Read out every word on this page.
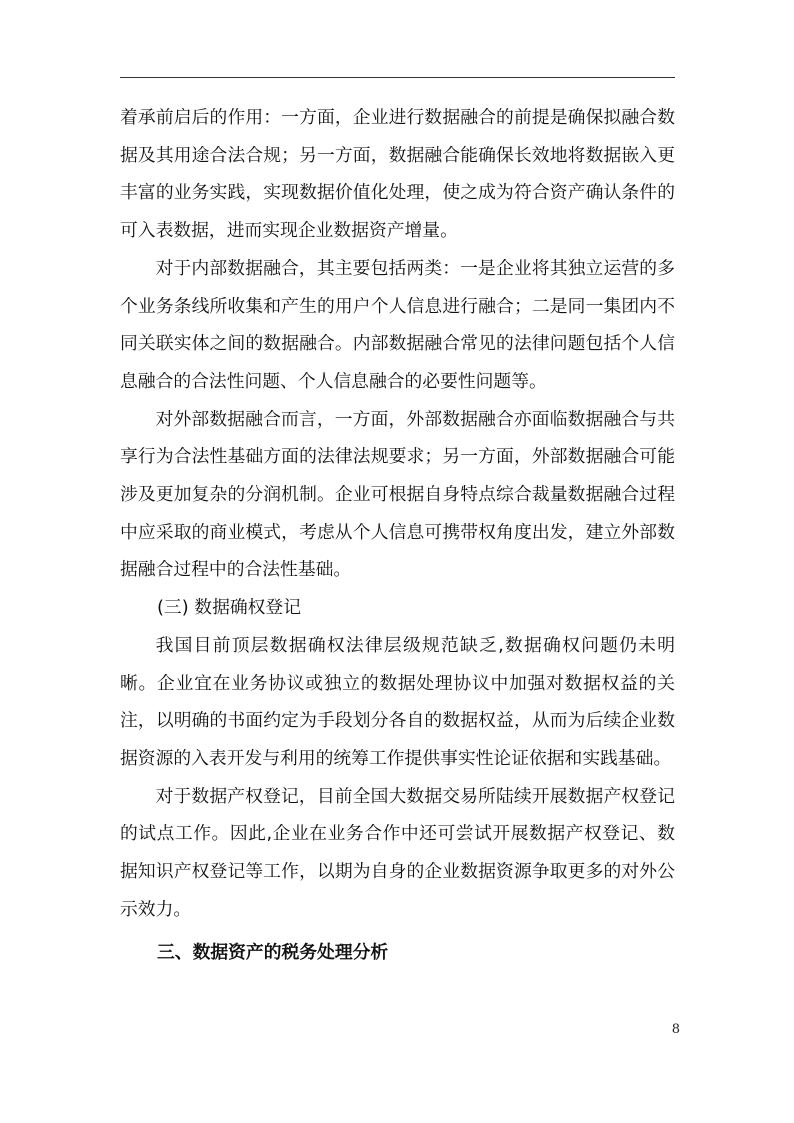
着承前启后的作用：一方面，企业进行数据融合的前提是确保拟融合数据及其用途合法合规；另一方面，数据融合能确保长效地将数据嵌入更丰富的业务实践，实现数据价值化处理，使之成为符合资产确认条件的可入表数据，进而实现企业数据资产增量。

对于内部数据融合，其主要包括两类：一是企业将其独立运营的多个业务条线所收集和产生的用户个人信息进行融合；二是同一集团内不同关联实体之间的数据融合。内部数据融合常见的法律问题包括个人信息融合的合法性问题、个人信息融合的必要性问题等。

对外部数据融合而言，一方面，外部数据融合亦面临数据融合与共享行为合法性基础方面的法律法规要求；另一方面，外部数据融合可能涉及更加复杂的分润机制。企业可根据自身特点综合裁量数据融合过程中应采取的商业模式，考虑从个人信息可携带权角度出发，建立外部数据融合过程中的合法性基础。

(三) 数据确权登记

我国目前顶层数据确权法律层级规范缺乏,数据确权问题仍未明晰。企业宜在业务协议或独立的数据处理协议中加强对数据权益的关注，以明确的书面约定为手段划分各自的数据权益，从而为后续企业数据资源的入表开发与利用的统筹工作提供事实性论证依据和实践基础。

对于数据产权登记，目前全国大数据交易所陆续开展数据产权登记的试点工作。因此,企业在业务合作中还可尝试开展数据产权登记、数据知识产权登记等工作，以期为自身的企业数据资源争取更多的对外公示效力。

三、数据资产的税务处理分析

8
